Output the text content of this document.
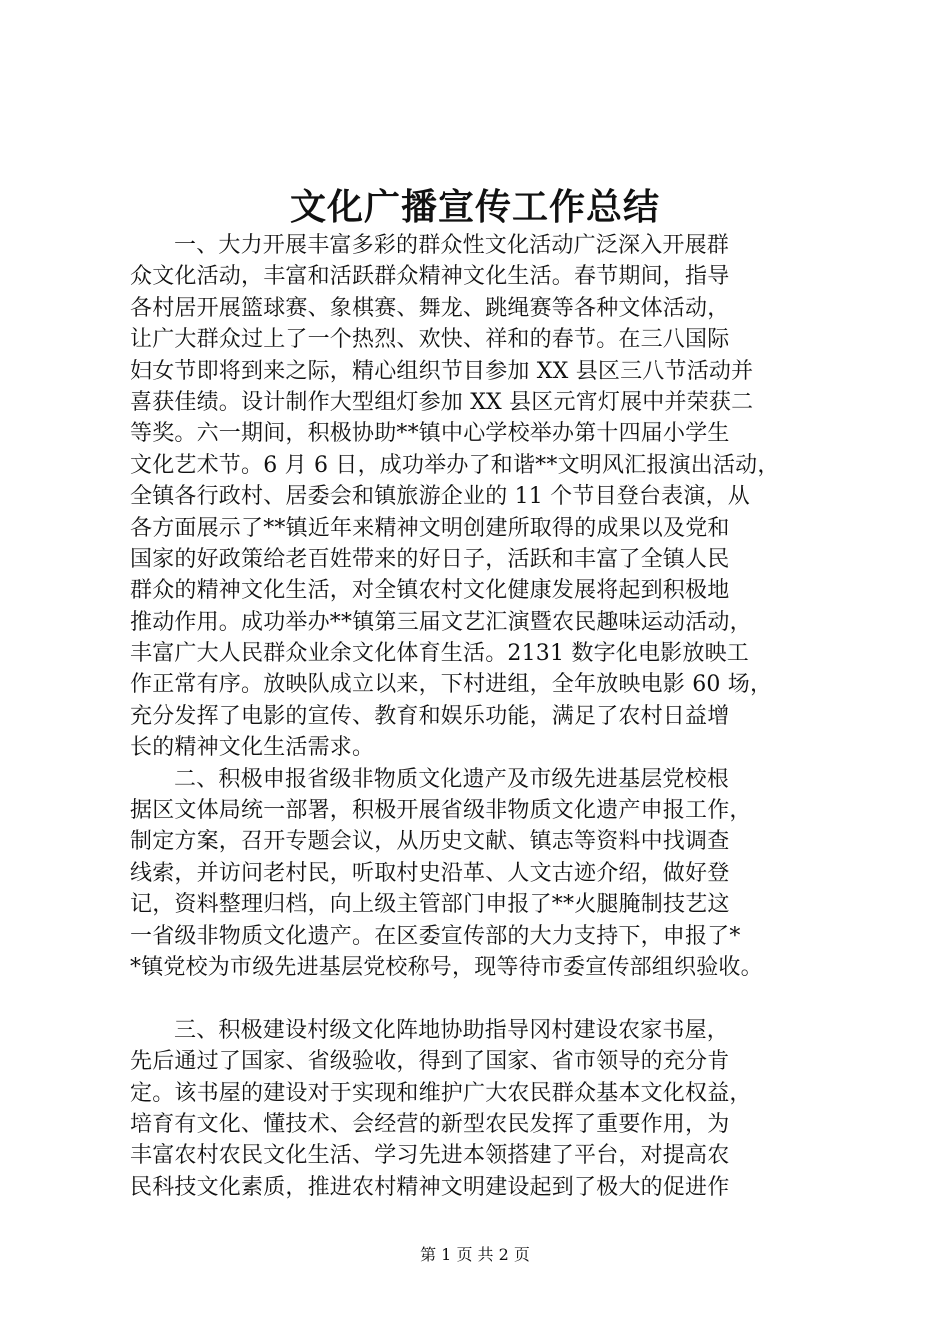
文化广播宣传工作总结
一、大力开展丰富多彩的群众性文化活动广泛深入开展群
众文化活动，丰富和活跃群众精神文化生活。春节期间，指导
各村居开展篮球赛、象棋赛、舞龙、跳绳赛等各种文体活动，
让广大群众过上了一个热烈、欢快、祥和的春节。在三八国际
妇女节即将到来之际，精心组织节目参加 XX 县区三八节活动并
喜获佳绩。设计制作大型组灯参加 XX 县区元宵灯展中并荣获二
等奖。六一期间，积极协助**镇中心学校举办第十四届小学生
文化艺术节。6 月 6 日，成功举办了和谐**文明风汇报演出活动，
全镇各行政村、居委会和镇旅游企业的 11 个节目登台表演，从
各方面展示了**镇近年来精神文明创建所取得的成果以及党和
国家的好政策给老百姓带来的好日子，活跃和丰富了全镇人民
群众的精神文化生活，对全镇农村文化健康发展将起到积极地
推动作用。成功举办**镇第三届文艺汇演暨农民趣味运动活动，
丰富广大人民群众业余文化体育生活。2131 数字化电影放映工
作正常有序。放映队成立以来，下村进组，全年放映电影 60 场，
充分发挥了电影的宣传、教育和娱乐功能，满足了农村日益增
长的精神文化生活需求。
二、积极申报省级非物质文化遗产及市级先进基层党校根
据区文体局统一部署，积极开展省级非物质文化遗产申报工作，
制定方案，召开专题会议，从历史文献、镇志等资料中找调查
线索，并访问老村民，听取村史沿革、人文古迹介绍，做好登
记，资料整理归档，向上级主管部门申报了**火腿腌制技艺这
一省级非物质文化遗产。在区委宣传部的大力支持下，申报了*
*镇党校为市级先进基层党校称号，现等待市委宣传部组织验收。
三、积极建设村级文化阵地协助指导冈村建设农家书屋，
先后通过了国家、省级验收，得到了国家、省市领导的充分肯
定。该书屋的建设对于实现和维护广大农民群众基本文化权益，
培育有文化、懂技术、会经营的新型农民发挥了重要作用，为
丰富农村农民文化生活、学习先进本领搭建了平台，对提高农
民科技文化素质，推进农村精神文明建设起到了极大的促进作
第 1 页 共 2 页
